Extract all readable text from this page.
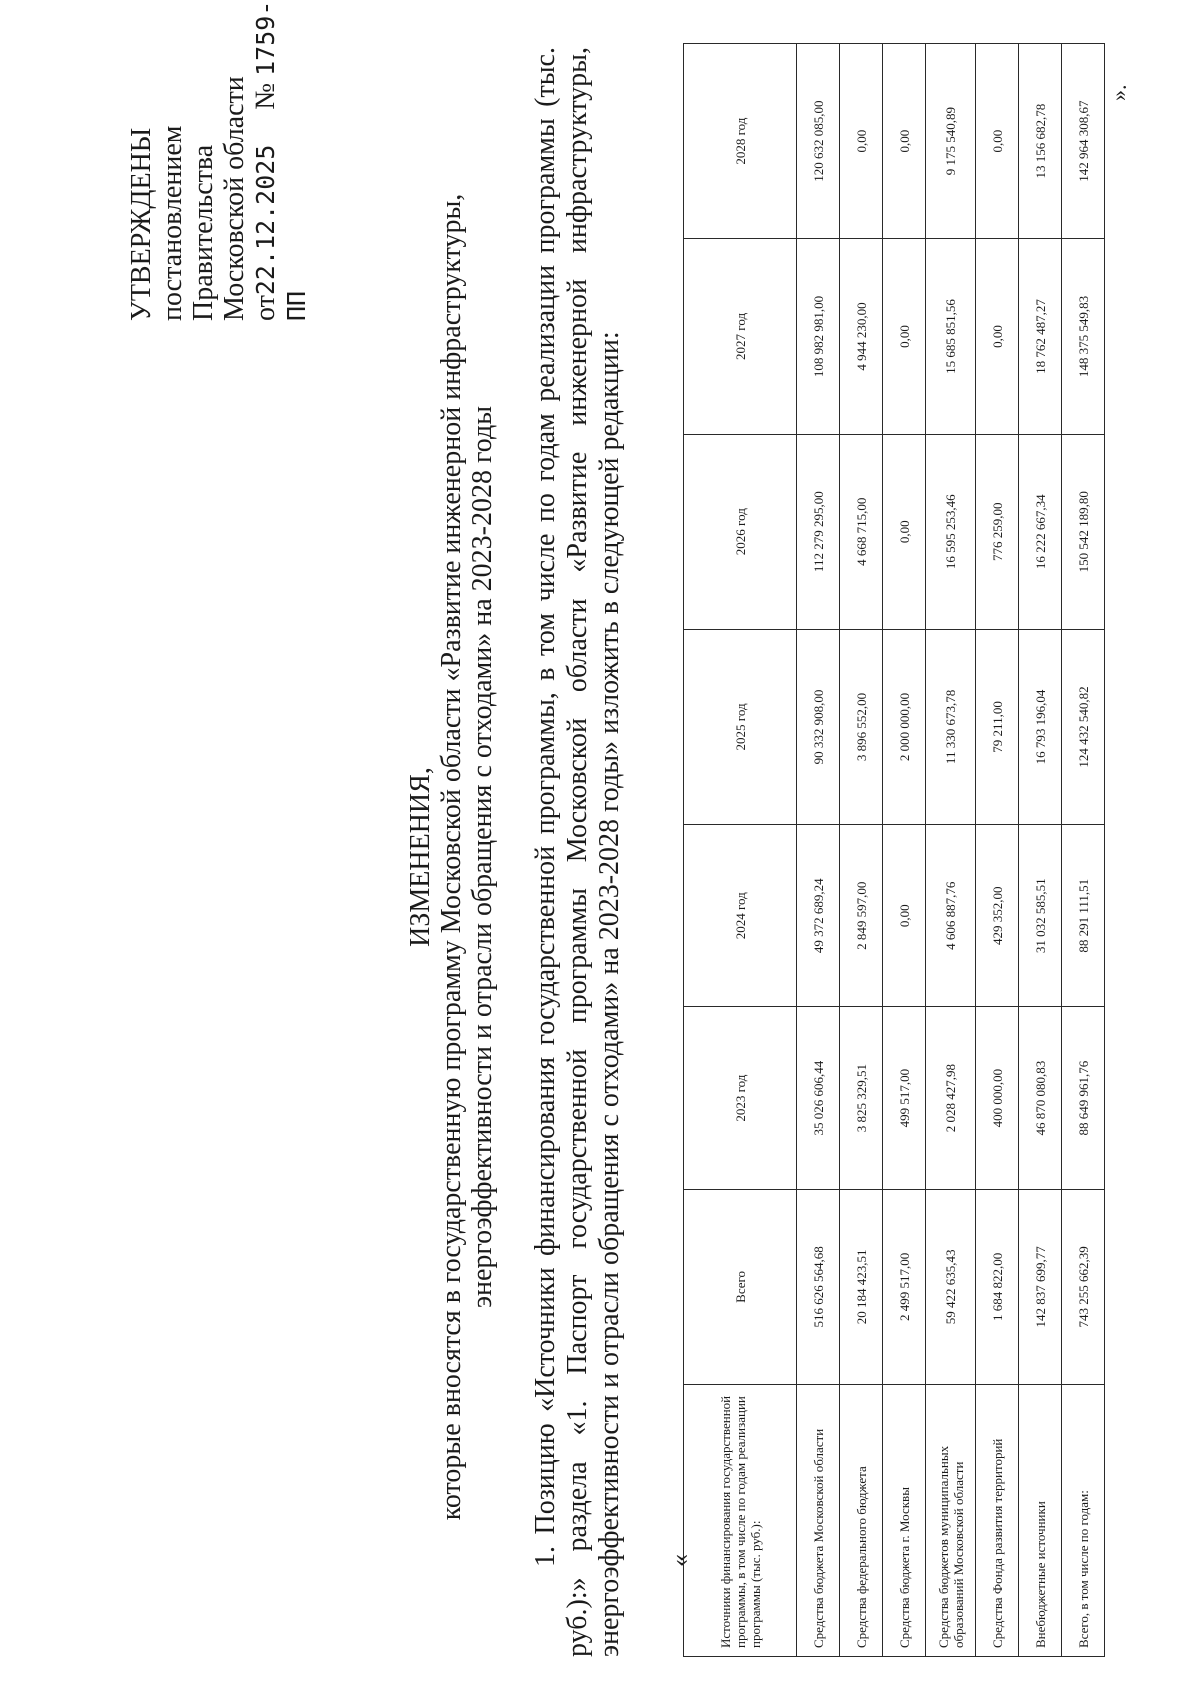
УТВЕРЖДЕНЫ постановлением Правительства Московской области от22.12.2025     № 1759-ПП
ИЗМЕНЕНИЯ, которые вносятся в государственную программу Московской области «Развитие инженерной инфраструктуры, энергоэффективности и отрасли обращения с отходами» на 2023-2028 годы 1. Позицию «Источники финансирования государственной программы, в том числе по годам реализации программы (тыс. руб.):» раздела «1. Паспорт государственной программы Московской области «Развитие инженерной инфраструктуры, энергоэффективности и отрасли обращения с отходами» на 2023-2028 годы» изложить в следующей редакции: « Источники финансирования государственной программы, в том числе по годам реализации программы (тыс. руб.):	Всего	2023 год	2024 год	2025 год	2026 год	2027 год	2028 год
Средства бюджета Московской области	516 626 564,68	35 026 606,44	49 372 689,24	90 332 908,00	112 279 295,00	108 982 981,00	120 632 085,00
Средства федерального бюджета	20 184 423,51	3 825 329,51	2 849 597,00	3 896 552,00	4 668 715,00	4 944 230,00	0,00
Средства бюджета г. Москвы	2 499 517,00	499 517,00	0,00	2 000 000,00	0,00	0,00	0,00
Средства бюджетов муниципальных образований Московской области	59 422 635,43	2 028 427,98	4 606 887,76	11 330 673,78	16 595 253,46	15 685 851,56	9 175 540,89
Средства Фонда развития территорий	1 684 822,00	400 000,00	429 352,00	79 211,00	776 259,00	0,00	0,00
Внебюджетные источники	142 837 699,77	46 870 080,83	31 032 585,51	16 793 196,04	16 222 667,34	18 762 487,27	13 156 682,78
Всего, в том числе по годам:	743 255 662,39	88 649 961,76	88 291 111,51	124 432 540,82	150 542 189,80	148 375 549,83	142 964 308,67
».
